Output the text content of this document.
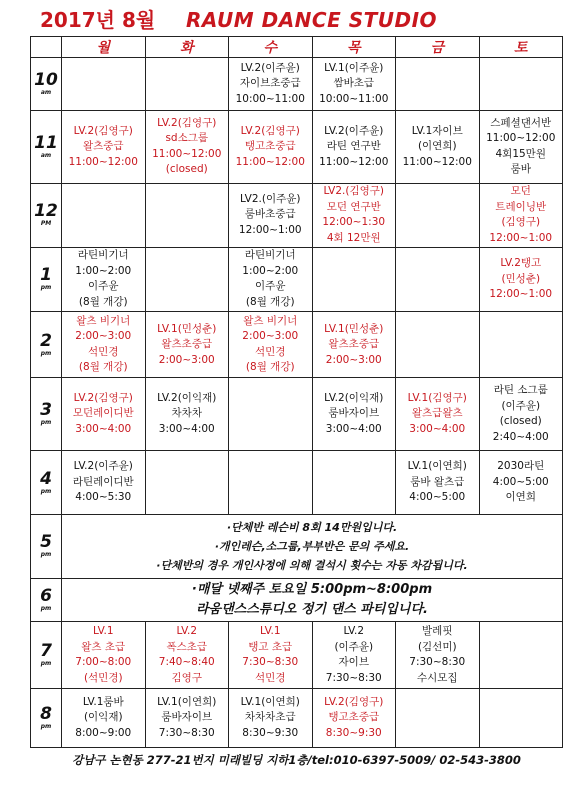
2017년 8월 RAUM DANCE STUDIO
	월	화	수	목	금	토

10
am			LV.2(이주윤)
자이브초중급
10:00~11:00	LV.1(이주윤)
쌈바초급
10:00~11:00		

11
am	LV.2(김영구)
왈츠중급
11:00~12:00	LV.2(김영구)
sd소그룹
11:00~12:00
(closed)	LV.2(김영구)
탱고초중급
11:00~12:00	LV.2(이주윤)
라틴 연구반
11:00~12:00	LV.1자이브
(이연희)
11:00~12:00	스페셜댄서반
11:00~12:00
4회15만원
룸바

12
PM			LV2.(이주윤)
룸바초중급
12:00~1:00	LV2.(김영구)
모던 연구반
12:00~1:30
4회 12만원		모던
트레이닝반
(김영구)
12:00~1:00

1
pm	라틴비기너
1:00~2:00
이주윤
(8월 개강)		라틴비기너
1:00~2:00
이주윤
(8월 개강)			LV.2탱고
(민성춘)
12:00~1:00

2
pm	왈츠 비기너
2:00~3:00
석민경
(8월 개강)	LV.1(민성춘)
왈츠초중급
2:00~3:00	왈츠 비기너
2:00~3:00
석민경
(8월 개강)	LV.1(민성춘)
왈츠초중급
2:00~3:00		

3
pm	LV.2(김영구)
모던레이디반
3:00~4:00	LV.2(이익재)
차차차
3:00~4:00		LV.2(이익재)
룸바자이브
3:00~4:00	LV.1(김영구)
왈츠급왈츠
3:00~4:00	라틴 소그룹
(이주윤)
(closed)
2:40~4:00

4
pm	LV.2(이주윤)
라틴레이디반
4:00~5:30				LV.1(이연희)
룸바 왈츠급
4:00~5:00	2030라틴
4:00~5:00
이연희

5
pm	·단체반 레슨비 8회 14만원입니다.
·개인레슨,소그룹,부부반은 문의 주세요.
·단체반의 경우 개인사정에 의해 결석시 횟수는 자동 차감됩니다.					

6
pm	·매달 넷째주 토요일 5:00pm~8:00pm
라움댄스스튜디오 정기 댄스 파티입니다.					

7
pm	LV.1
왈츠 초급
7:00~8:00
(석민경)	LV.2
폭스초급
7:40~8:40
김영구	LV.1
탱고 초급
7:30~8:30
석민경	LV.2
(이주윤)
자이브
7:30~8:30	발레핏
(김선미)
7:30~8:30
수시모집	

8
pm	LV.1룸바
(이익재)
8:00~9:00	LV.1(이연희)
룸바자이브
7:30~8:30	LV.1(이연희)
차차차초급
8:30~9:30	LV.2(김영구)
탱고초중급
8:30~9:30		

강남구 논현동 277-21번지 미래빌딩 지하1층/tel:010-6397-5009/ 02-543-3800
